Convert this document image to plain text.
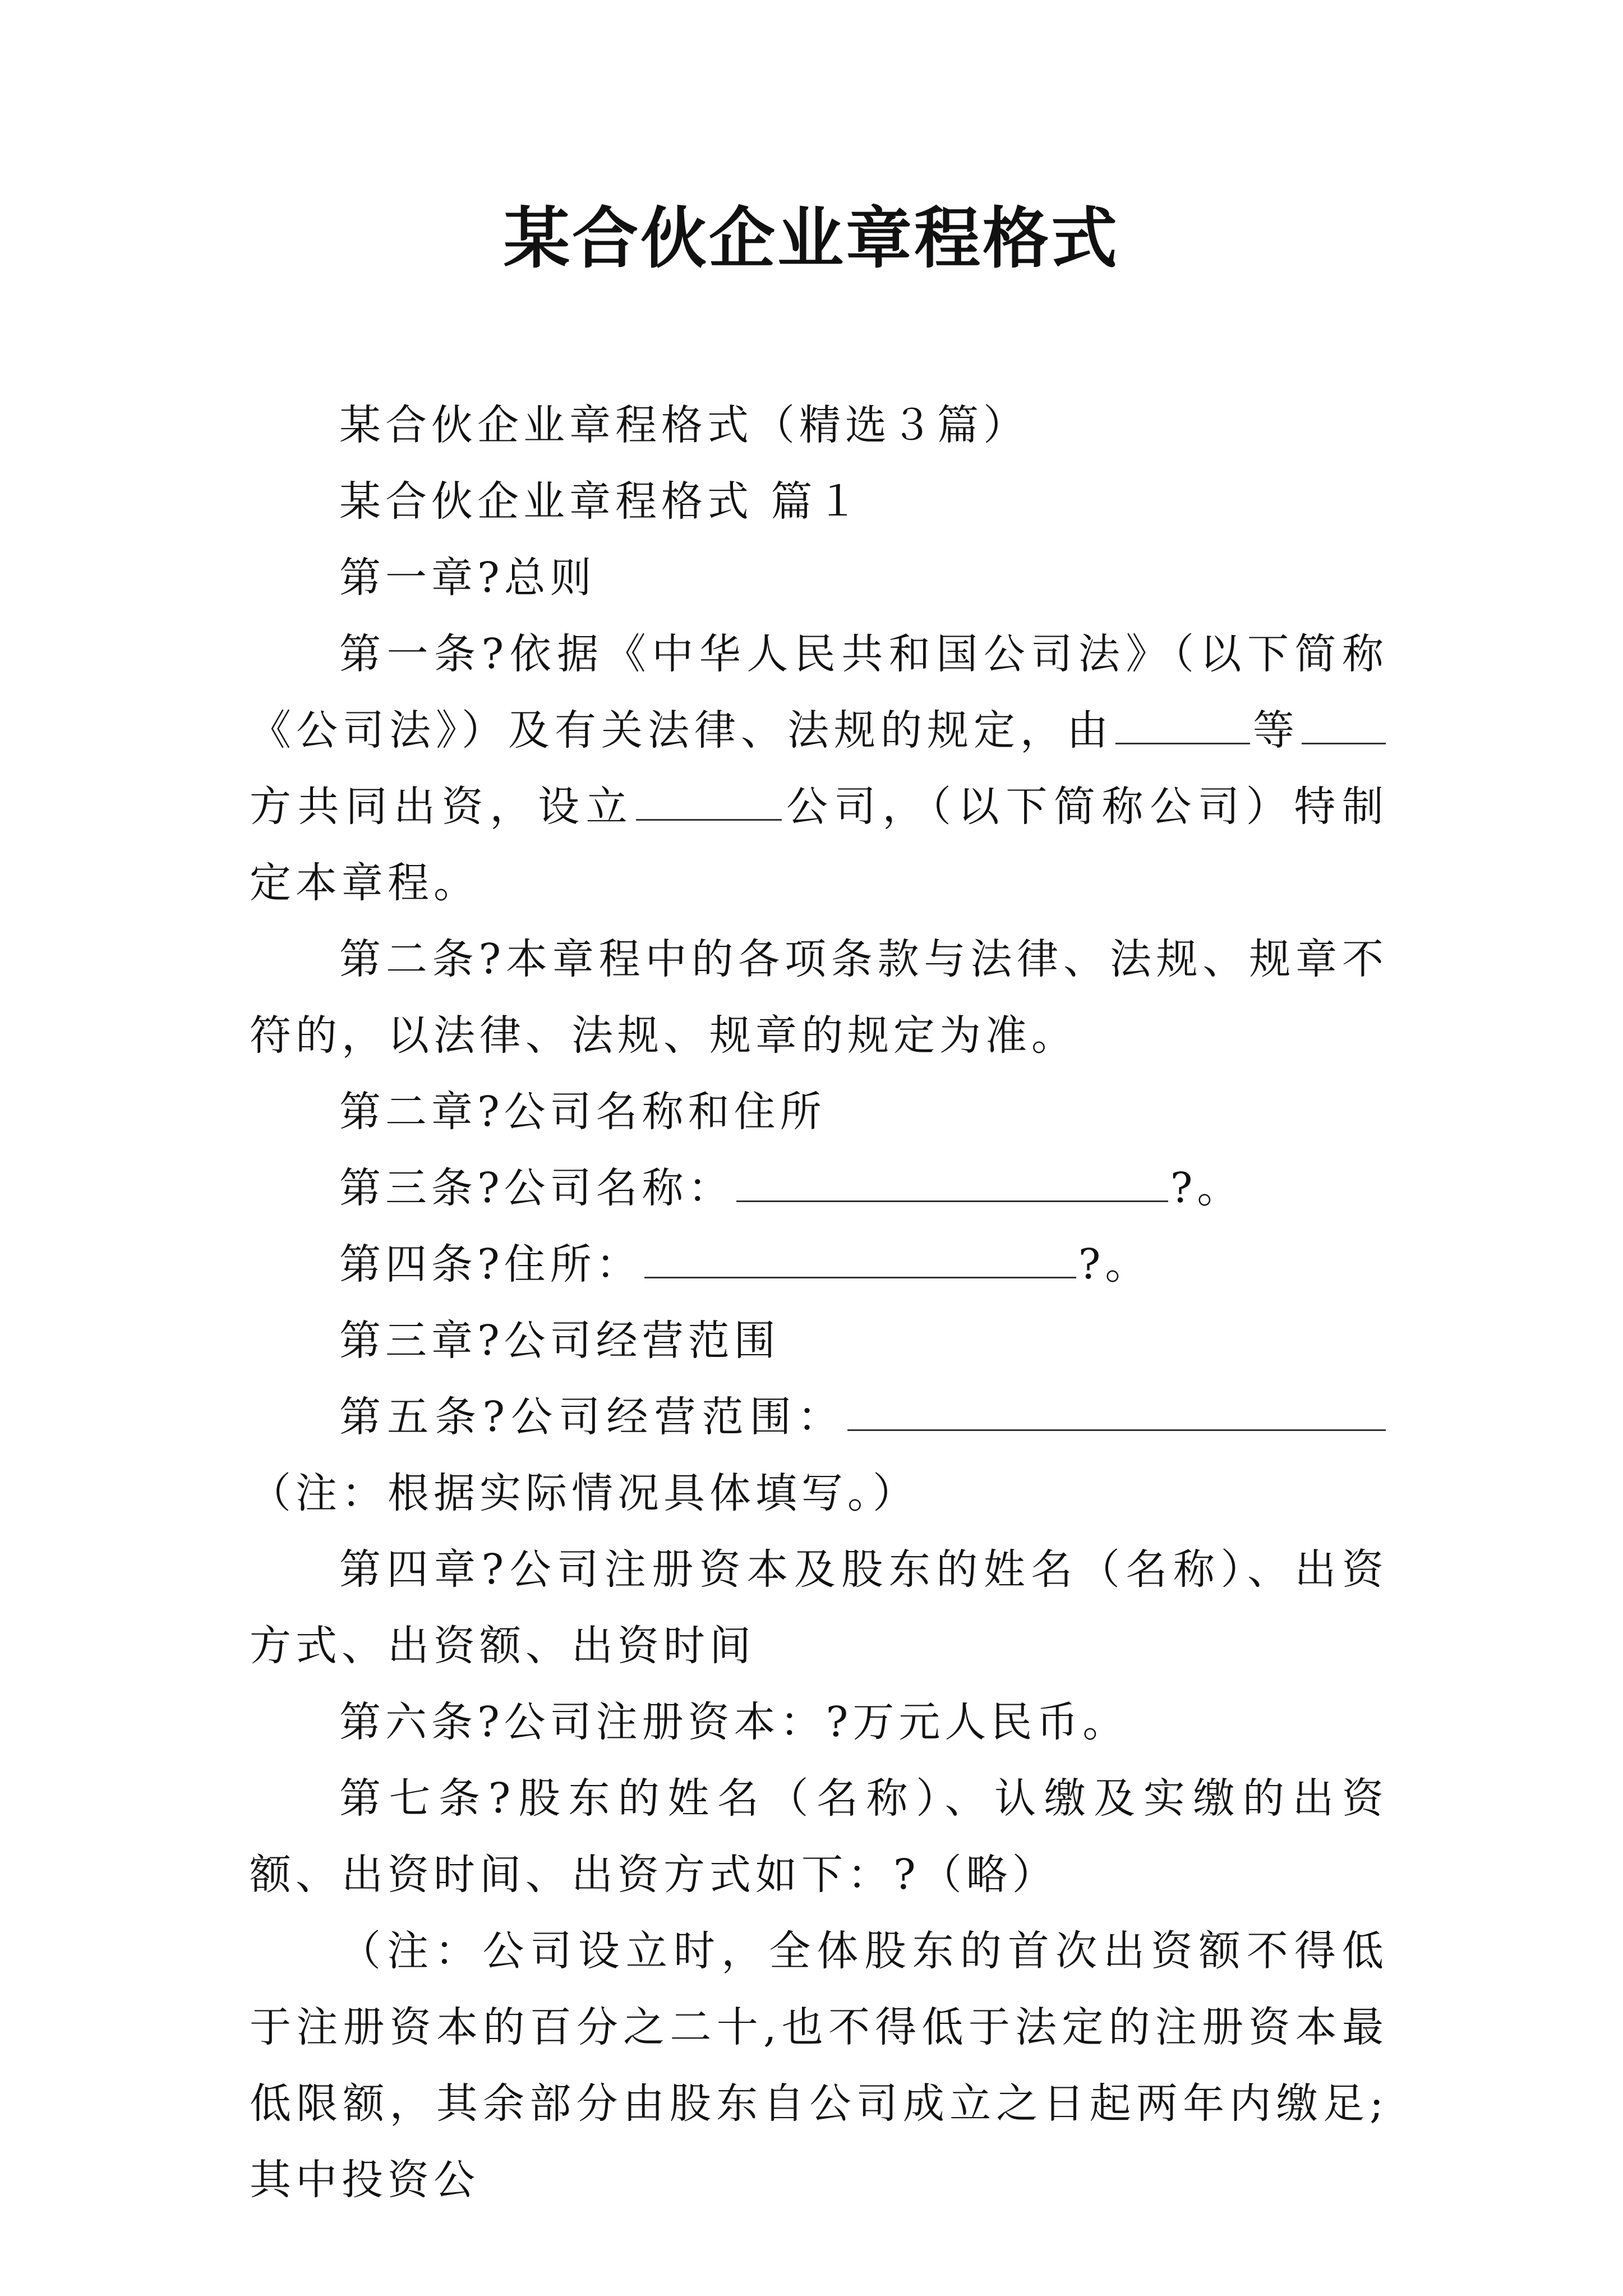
某合伙企业章程格式

某合伙企业章程格式（精选３篇）

某合伙企业章程格式 篇１

第一章?总则

第一条?依据《中华人民共和国公司法》（以下简称《公司法》）及有关法律、法规的规定，由	等方共同出资，设立	公司，（以下简称公司）特制定本章程。

第二条?本章程中的各项条款与法律、法规、规章不符的，以法律、法规、规章的规定为准。

第二章?公司名称和住所

第三条?公司名称：	?。

第四条?住所：	?。

第三章?公司经营范围

第五条?公司经营范围：（注：根据实际情况具体填写。）

第四章?公司注册资本及股东的姓名（名称）、出资方式、出资额、出资时间

第六条?公司注册资本：?万元人民币。

第七条?股东的姓名（名称）、认缴及实缴的出资额、出资时间、出资方式如下：?（略）

（注：公司设立时，全体股东的首次出资额不得低于注册资本的百分之二十,也不得低于法定的注册资本最低限额，其余部分由股东自公司成立之日起两年内缴足;其中投资公
